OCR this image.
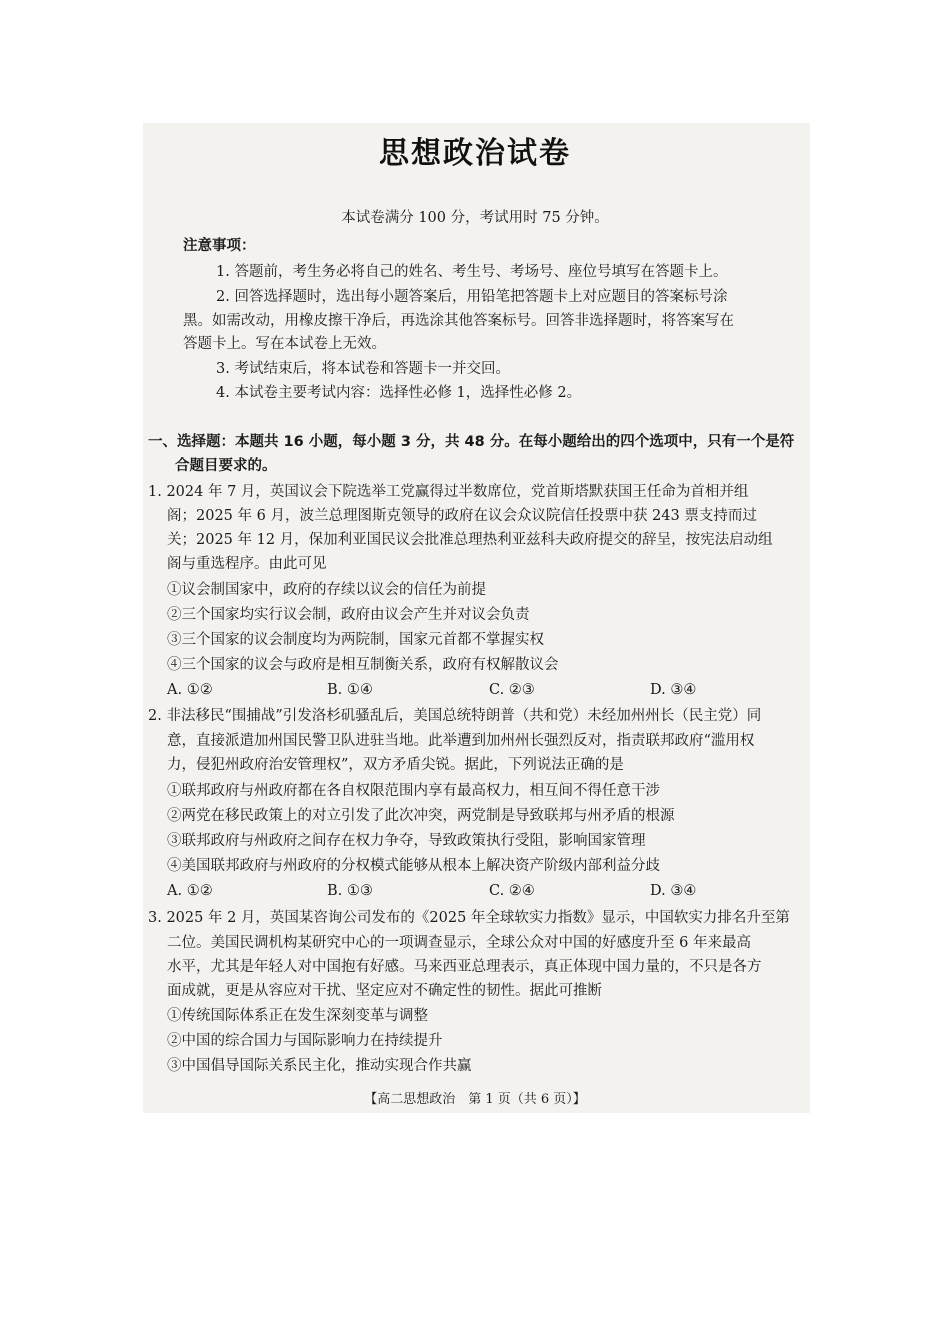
思想政治试卷
本试卷满分 100 分，考试用时 75 分钟。
注意事项：
1. 答题前，考生务必将自己的姓名、考生号、考场号、座位号填写在答题卡上。
2. 回答选择题时，选出每小题答案后，用铅笔把答题卡上对应题目的答案标号涂
黑。如需改动，用橡皮擦干净后，再选涂其他答案标号。回答非选择题时，将答案写在
答题卡上。写在本试卷上无效。
3. 考试结束后，将本试卷和答题卡一并交回。
4. 本试卷主要考试内容：选择性必修 1，选择性必修 2。
一、选择题：本题共 16 小题，每小题 3 分，共 48 分。在每小题给出的四个选项中，只有一个是符
合题目要求的。
1. 2024 年 7 月，英国议会下院选举工党赢得过半数席位，党首斯塔默获国王任命为首相并组
阁；2025 年 6 月，波兰总理图斯克领导的政府在议会众议院信任投票中获 243 票支持而过
关；2025 年 12 月，保加利亚国民议会批准总理热利亚兹科夫政府提交的辞呈，按宪法启动组
阁与重选程序。由此可见
①议会制国家中，政府的存续以议会的信任为前提
②三个国家均实行议会制，政府由议会产生并对议会负责
③三个国家的议会制度均为两院制，国家元首都不掌握实权
④三个国家的议会与政府是相互制衡关系，政府有权解散议会
A. ①②	B. ①④	C. ②③	D. ③④
2. 非法移民“围捕战”引发洛杉矶骚乱后，美国总统特朗普（共和党）未经加州州长（民主党）同
意，直接派遣加州国民警卫队进驻当地。此举遭到加州州长强烈反对，指责联邦政府“滥用权
力，侵犯州政府治安管理权”，双方矛盾尖锐。据此，下列说法正确的是
①联邦政府与州政府都在各自权限范围内享有最高权力，相互间不得任意干涉
②两党在移民政策上的对立引发了此次冲突，两党制是导致联邦与州矛盾的根源
③联邦政府与州政府之间存在权力争夺，导致政策执行受阻，影响国家管理
④美国联邦政府与州政府的分权模式能够从根本上解决资产阶级内部利益分歧
A. ①②	B. ①③	C. ②④	D. ③④
3. 2025 年 2 月，英国某咨询公司发布的《2025 年全球软实力指数》显示，中国软实力排名升至第
二位。美国民调机构某研究中心的一项调查显示，全球公众对中国的好感度升至 6 年来最高
水平，尤其是年轻人对中国抱有好感。马来西亚总理表示，真正体现中国力量的，不只是各方
面成就，更是从容应对干扰、坚定应对不确定性的韧性。据此可推断
①传统国际体系正在发生深刻变革与调整
②中国的综合国力与国际影响力在持续提升
③中国倡导国际关系民主化，推动实现合作共赢
【高二思想政治　第 1 页（共 6 页）】
